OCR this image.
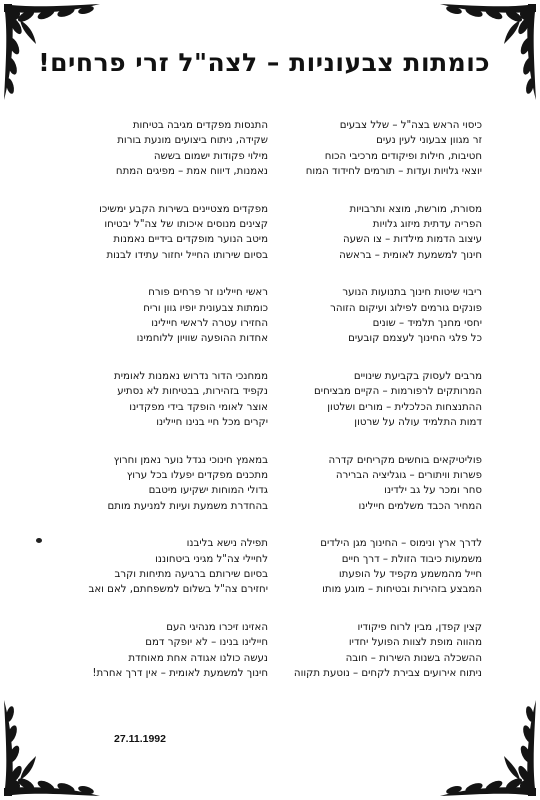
כומתות צבעוניות – לצה"ל זרי פרחים!
כיסוי הראש בצה"ל – שלל צבעים
זר מגוון צבעוני לעין נעים
חטיבות, חילות ופיקודים מרכיבי הכוח
יוצאי גלויות ועדות – תורמים לחידוד המוח
מסורת, מורשת, מוצא ותרבויות
הפריה עדתית מיזוג גלויות
עיצוב הדמות מילדות – צו השעה
חינוך למשמעת לאומית – בראשה
ריבוי שיטות חינוך בתנועות הנוער
פונקים גורמים לפילוג ועיקום הזוהר
יחסי מחנך תלמיד – שונים
כל פלגי החינוך לעצמם קובעים
מרבים לעסוק בקביעת שינויים
המרותקים לרפורמות – הקיים מבציחים
ההתנצחות הכלכלית – מורים ושלטון
דמות התלמיד עולה על שרטון
פוליטיקאים בוחשים מקריחים קדרה
פשרות וויתורים – גוגליציה הברירה
סחר ומכר על גב ילדינו
המחיר הכבד משלמים חיילינו
לדרך ארץ ונימוס – החינוך מגן הילדים
משמעות כיבוד הזולת – דרך חיים
חייל מהמשמע מקפיד על הופעתו
המבצע בזהירות ובטיחות – מוגע מותו
קצין קפדן, מבין לרוח פיקודיו
מהווה מופת לצוות הפועל יחדיו
ההשכלה בשנות השירות – חובה
ניתוח אירועים צבירת לקחים – נוטעת תקווה
התנסות מפקדים מגיבה בטיחות
שקידה, ניתוח ביצועים מונעת בורות
מילוי פקודות ישמום בששה
נאמנות, דיווח אמת – מפיגים המתח
מפקדים מצטיינים בשירות הקבע ימשיכו
קצינים מנוסים איכותו של צה"ל יבטיחו
מיטב הנוער מופקדים בידיים נאמנות
בסיום שירותו החייל יחזור עתידו לבנות
ראשי חיילינו זר פרחים פורח
כומתות צבעונית יופיו גוון וריח
החזירו עטרה לראשי חיילינו
אחדות ההופעה שוויון ללוחמינו
ממחנכי הדור נדרוש נאמנות לאומית
נקפיד בזהירות, בבטיחות לא נסתיע
אוצר לאומי הופקד בידי מפקדינו
יקרים מכל חיי בנינו חיילינו
במאמץ חינוכי נגדל נוער נאמן וחרוץ
מתכנים מפקדים יפעלו בכל ערוץ
גדולי המוחות ישקיעו מיטבם
בהחדרת משמעת ועיות למניעת מותם
תפילה נישא בליבנו
לחיילי צה"ל מגיני ביטחוננו
בסיום שירותם ברגיעה מתיחות וקרב
יחזירם צה"ל בשלום למשפחתם, לאם ואב
האזינו זיכרו מנהיגי העם
חיילינו בנינו – לא יופקר דמם
נעשה כולנו אגודה אחת מאוחדת
חינוך למשמעת לאומית – אין דרך אחרת!
27.11.1992
